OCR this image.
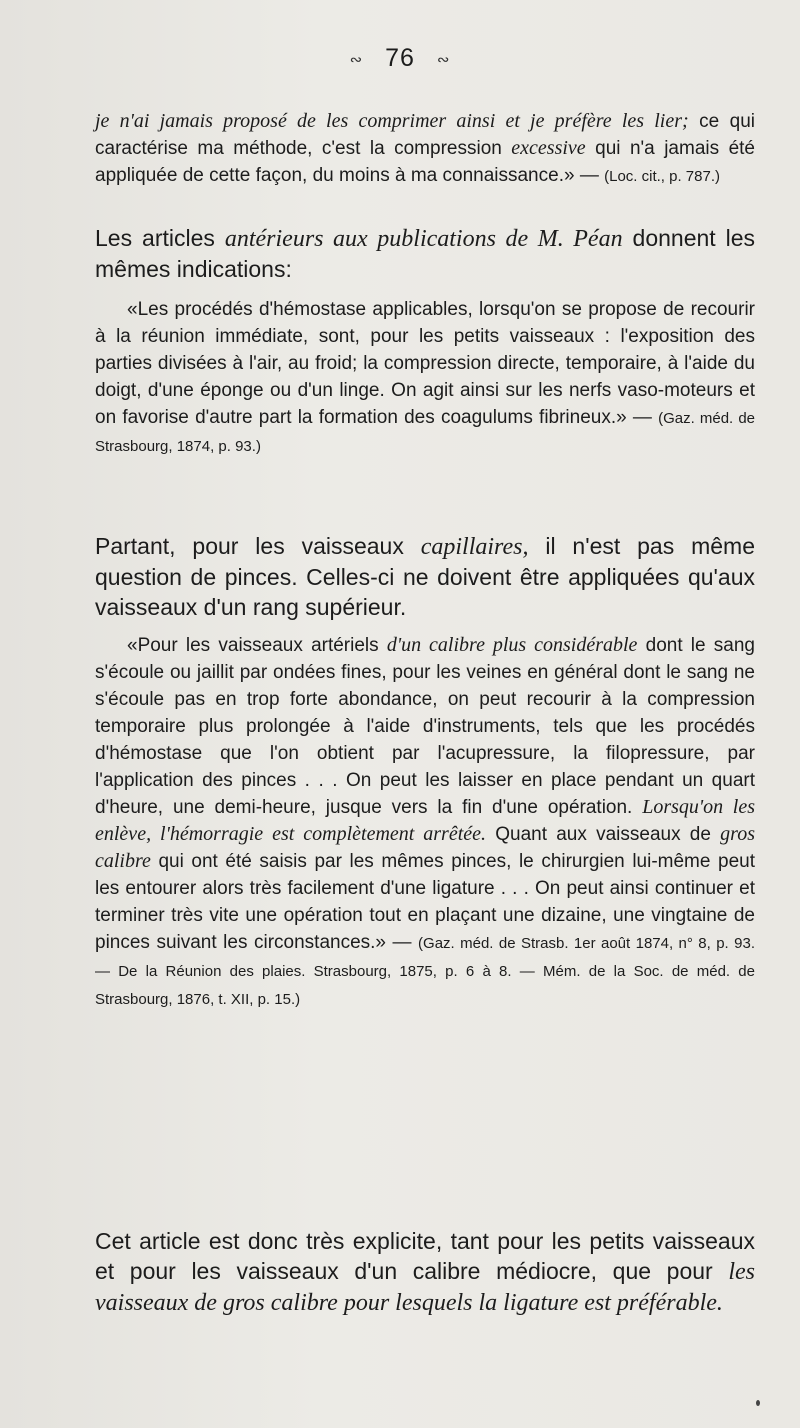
∾ 76 ∾

je n'ai jamais proposé de les comprimer ainsi et je préfère les lier; ce qui caractérise ma méthode, c'est la compression excessive qui n'a jamais été appliquée de cette façon, du moins à ma connaissance.» — (Loc. cit., p. 787.)

Les articles antérieurs aux publications de M. Péan donnent les mêmes indications:

«Les procédés d'hémostase applicables, lorsqu'on se propose de recourir à la réunion immédiate, sont, pour les petits vaisseaux : l'exposition des parties divisées à l'air, au froid; la compression directe, temporaire, à l'aide du doigt, d'une éponge ou d'un linge. On agit ainsi sur les nerfs vaso-moteurs et on favorise d'autre part la formation des coagulums fibrineux.» — (Gaz. méd. de Strasbourg, 1874, p. 93.)

Partant, pour les vaisseaux capillaires, il n'est pas même question de pinces. Celles-ci ne doivent être appliquées qu'aux vaisseaux d'un rang supérieur.

«Pour les vaisseaux artériels d'un calibre plus considérable dont le sang s'écoule ou jaillit par ondées fines, pour les veines en général dont le sang ne s'écoule pas en trop forte abondance, on peut recourir à la compression temporaire plus prolongée à l'aide d'instruments, tels que les procédés d'hémostase que l'on obtient par l'acupressure, la filopressure, par l'application des pinces . . . On peut les laisser en place pendant un quart d'heure, une demi-heure, jusque vers la fin d'une opération. Lorsqu'on les enlève, l'hémorragie est complètement arrêtée. Quant aux vaisseaux de gros calibre qui ont été saisis par les mêmes pinces, le chirurgien lui-même peut les entourer alors très facilement d'une ligature . . . On peut ainsi continuer et terminer très vite une opération tout en plaçant une dizaine, une vingtaine de pinces suivant les circonstances.» — (Gaz. méd. de Strasb. 1er août 1874, n° 8, p. 93. — De la Réunion des plaies. Strasbourg, 1875, p. 6 à 8. — Mém. de la Soc. de méd. de Strasbourg, 1876, t. XII, p. 15.)

Cet article est donc très explicite, tant pour les petits vaisseaux et pour les vaisseaux d'un calibre médiocre, que pour les vaisseaux de gros calibre pour lesquels la ligature est préférable.
